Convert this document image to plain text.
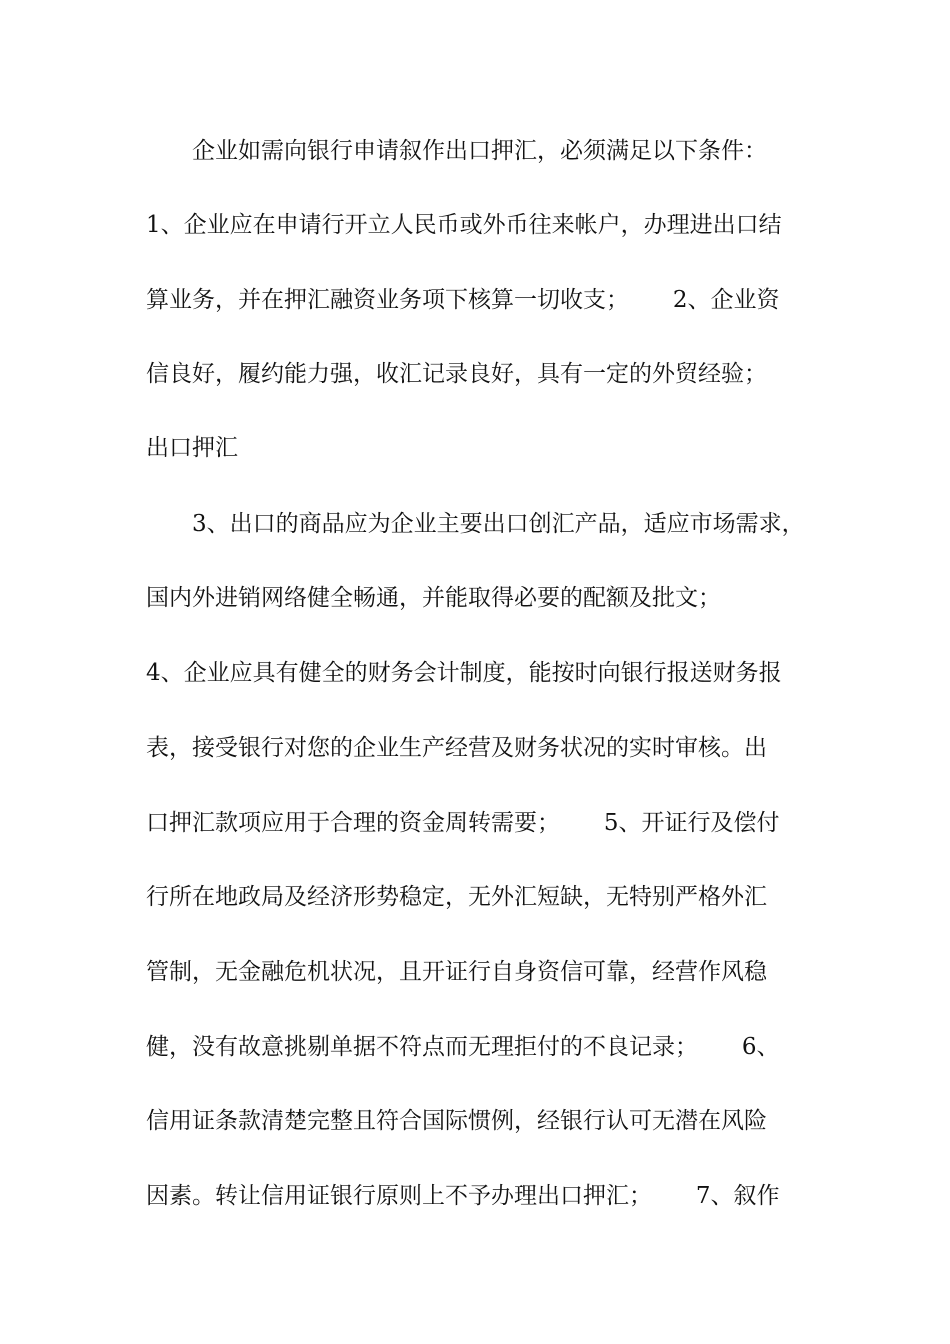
企业如需向银行申请叙作出口押汇，必须满足以下条件：
1、企业应在申请行开立人民币或外币往来帐户，办理进出口结
算业务，并在押汇融资业务项下核算一切收支；      2、企业资
信良好，履约能力强，收汇记录良好，具有一定的外贸经验；
出口押汇
3、出口的商品应为企业主要出口创汇产品，适应市场需求，
国内外进销网络健全畅通，并能取得必要的配额及批文；
4、企业应具有健全的财务会计制度，能按时向银行报送财务报
表，接受银行对您的企业生产经营及财务状况的实时审核。出
口押汇款项应用于合理的资金周转需要；      5、开证行及偿付
行所在地政局及经济形势稳定，无外汇短缺，无特别严格外汇
管制，无金融危机状况，且开证行自身资信可靠，经营作风稳
健，没有故意挑剔单据不符点而无理拒付的不良记录；      6、
信用证条款清楚完整且符合国际惯例，经银行认可无潜在风险
因素。转让信用证银行原则上不予办理出口押汇；      7、叙作
